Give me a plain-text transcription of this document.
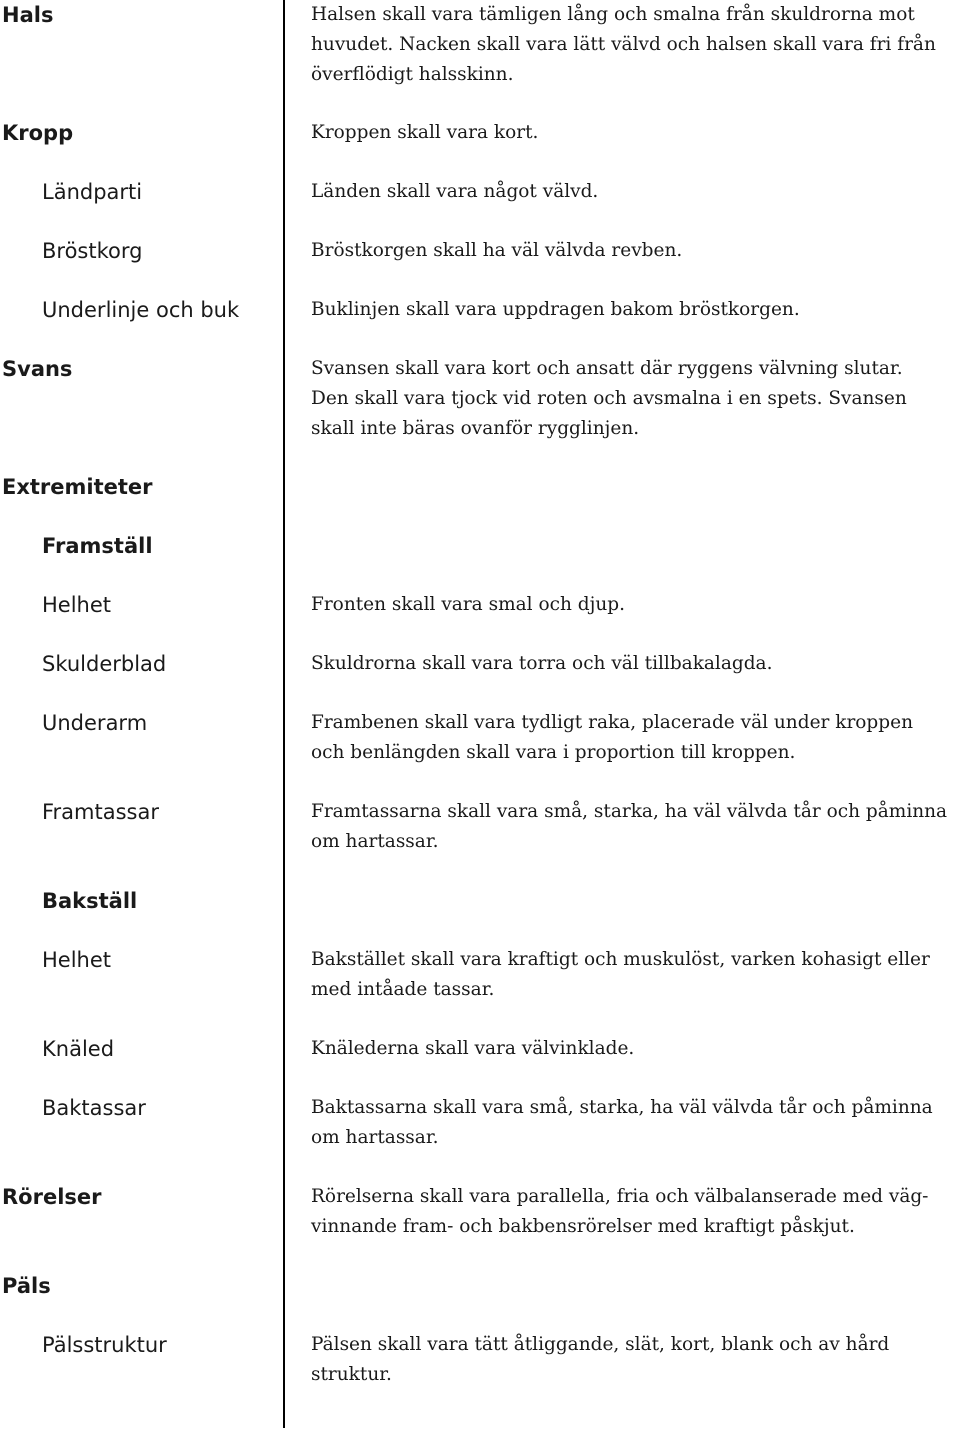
Hals	Halsen skall vara tämligen lång och smalna från skuldrorna mot
huvudet. Nacken skall vara lätt välvd och halsen skall vara fri från
överflödigt halsskinn.

Kropp	Kroppen skall vara kort.

Ländparti	Länden skall vara något välvd.

Bröstkorg	Bröstkorgen skall ha väl välvda revben.

Underlinje och buk	Buklinjen skall vara uppdragen bakom bröstkorgen.

Svans	Svansen skall vara kort och ansatt där ryggens välvning slutar.
Den skall vara tjock vid roten och avsmalna i en spets. Svansen
skall inte bäras ovanför rygglinjen.

Extremiteter
Framställ
Helhet	Fronten skall vara smal och djup.

Skulderblad	Skuldrorna skall vara torra och väl tillbakalagda.

Underarm	Frambenen skall vara tydligt raka, placerade väl under kroppen
och benlängden skall vara i proportion till kroppen.

Framtassar	Framtassarna skall vara små, starka, ha väl välvda tår och påminna
om hartassar.

Bakställ
Helhet	Bakstället skall vara kraftigt och muskulöst, varken kohasigt eller
med intåade tassar.

Knäled	Knälederna skall vara välvinklade.

Baktassar	Baktassarna skall vara små, starka, ha väl välvda tår och påminna
om hartassar.

Rörelser	Rörelserna skall vara parallella, fria och välbalanserade med väg-
vinnande fram- och bakbensrörelser med kraftigt påskjut.

Päls
Pälsstruktur	Pälsen skall vara tätt åtliggande, slät, kort, blank och av hård
struktur.
